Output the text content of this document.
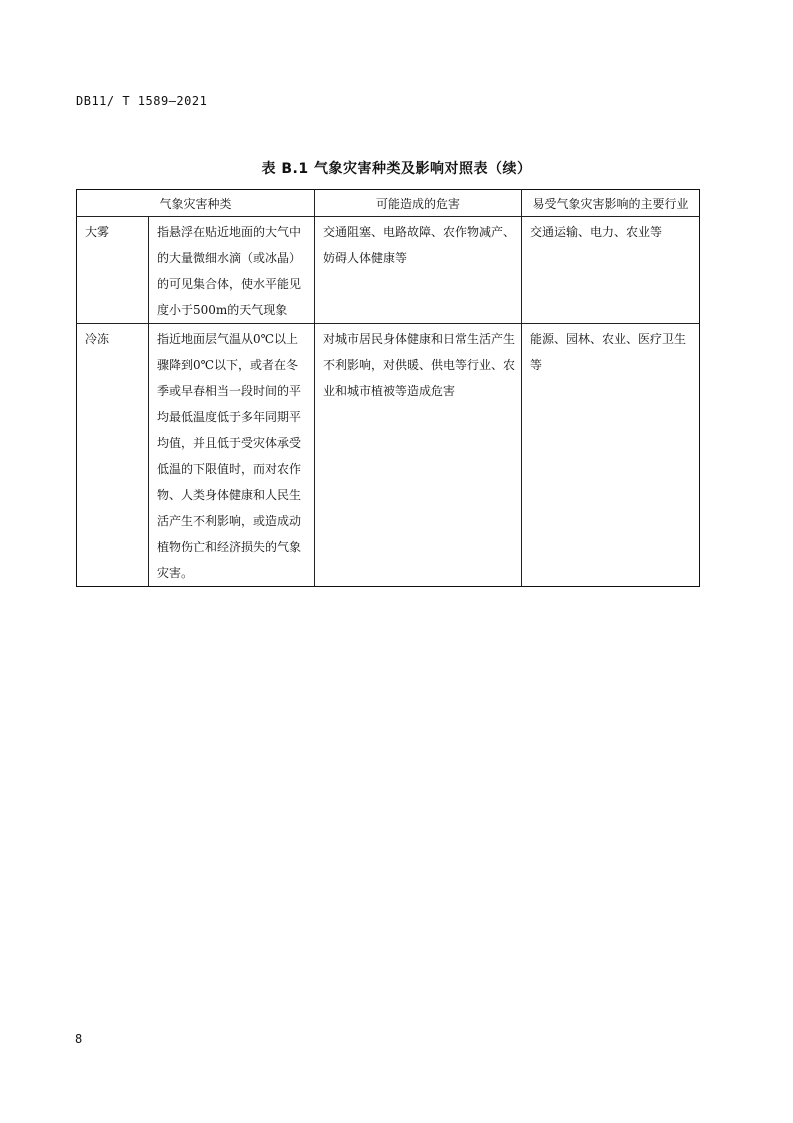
DB11/ T 1589—2021
表 B.1 气象灾害种类及影响对照表（续）
气象灾害种类		可能造成的危害	易受气象灾害影响的主要行业

大雾	指悬浮在贴近地面的大气中的大量微细水滴（或冰晶）的可见集合体，使水平能见度小于500m的天气现象	交通阻塞、电路故障、农作物减产、妨碍人体健康等	交通运输、电力、农业等

冷冻	指近地面层气温从0℃以上骤降到0℃以下，或者在冬季或早春相当一段时间的平均最低温度低于多年同期平均值，并且低于受灾体承受低温的下限值时，而对农作物、人类身体健康和人民生活产生不利影响，或造成动植物伤亡和经济损失的气象灾害。	对城市居民身体健康和日常生活产生不利影响，对供暖、供电等行业、农业和城市植被等造成危害	能源、园林、农业、医疗卫生等
8
